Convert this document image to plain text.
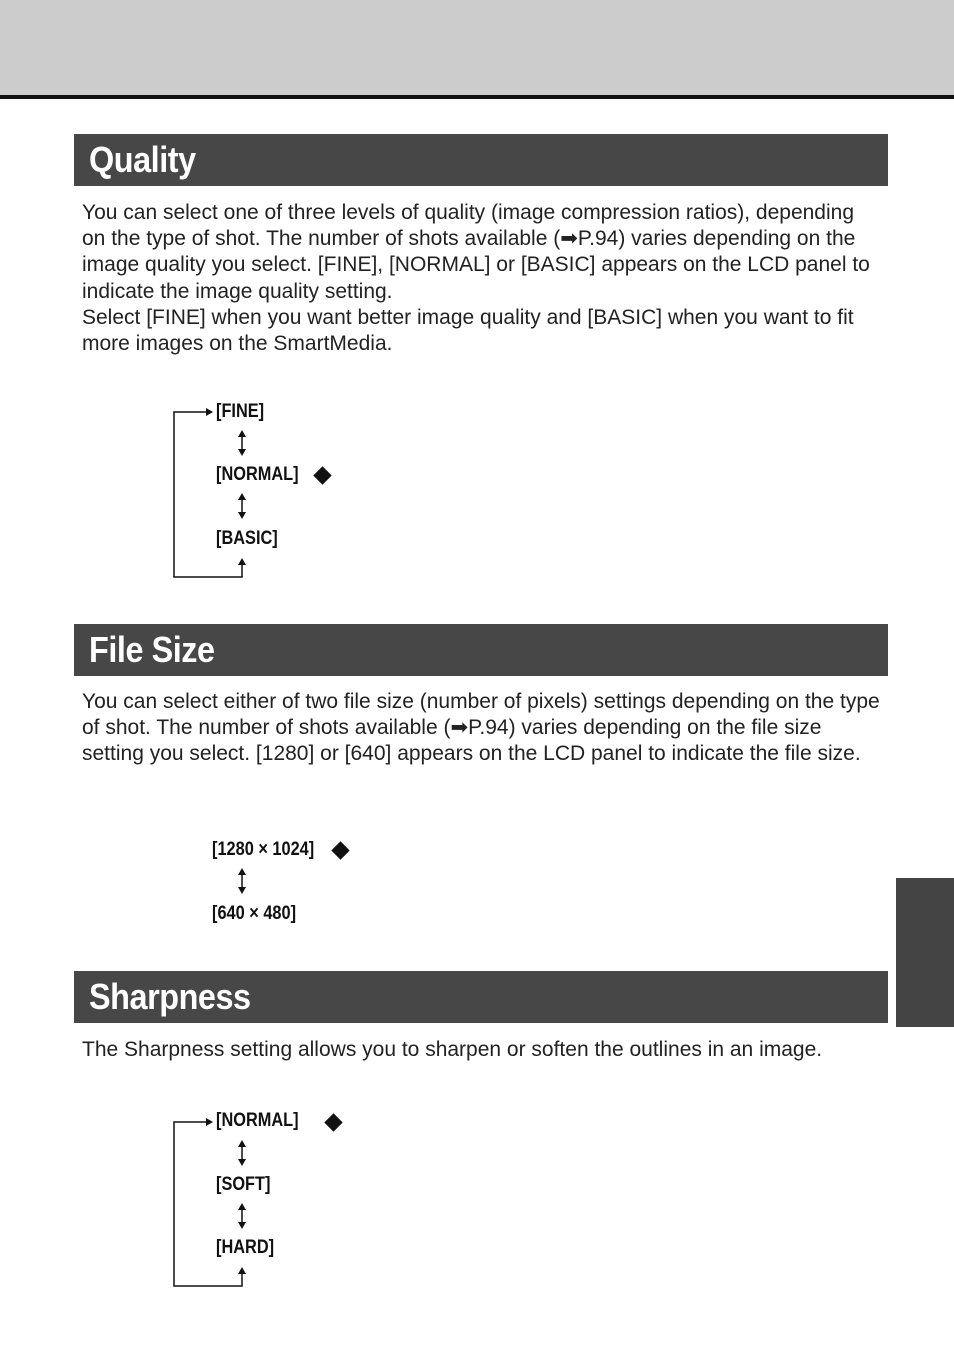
Quality
You can select one of three levels of quality (image compression ratios), depending on the type of shot. The number of shots available (➡P.94) varies depending on the image quality you select. [FINE], [NORMAL] or [BASIC] appears on the LCD panel to indicate the image quality setting.
Select [FINE] when you want better image quality and [BASIC] when you want to fit more images on the SmartMedia.
[FINE]
[NORMAL]
[BASIC]
File Size
You can select either of two file size (number of pixels) settings depending on the type of shot. The number of shots available (➡P.94) varies depending on the file size setting you select. [1280] or [640] appears on the LCD panel to indicate the file size.
[1280 × 1024]
[640 × 480]
Sharpness
The Sharpness setting allows you to sharpen or soften the outlines in an image.
[NORMAL]
[SOFT]
[HARD]
